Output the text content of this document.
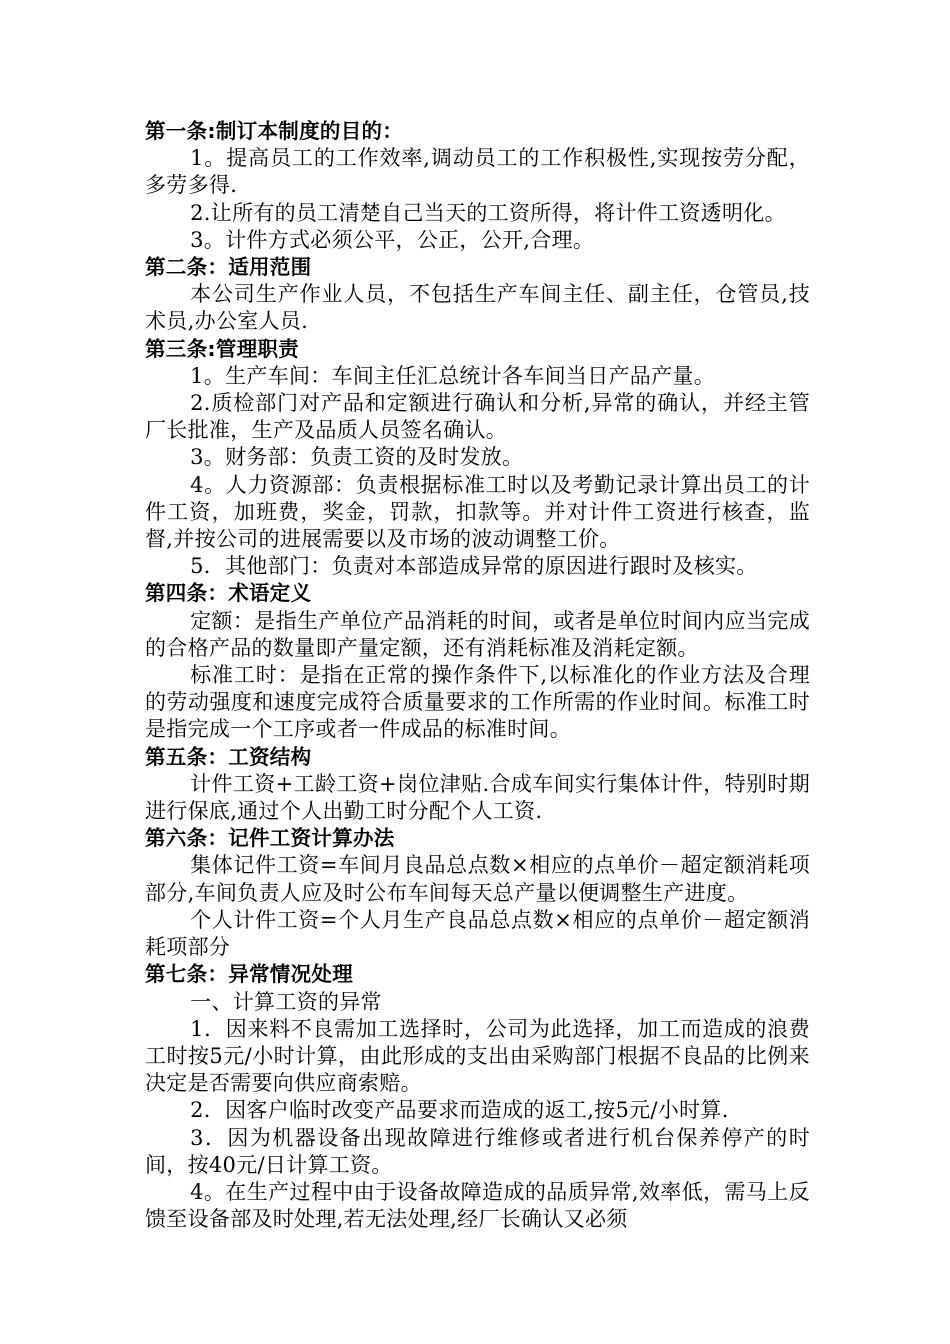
第一条:制订本制度的目的：
1。提高员工的工作效率,调动员工的工作积极性,实现按劳分配，多劳多得.
2.让所有的员工清楚自己当天的工资所得，将计件工资透明化。
3。计件方式必须公平，公正，公开,合理。
第二条：适用范围
本公司生产作业人员，不包括生产车间主任、副主任，仓管员,技术员,办公室人员.
第三条:管理职责
1。生产车间：车间主任汇总统计各车间当日产品产量。
2.质检部门对产品和定额进行确认和分析,异常的确认，并经主管厂长批准，生产及品质人员签名确认。
3。财务部：负责工资的及时发放。
4。人力资源部：负责根据标准工时以及考勤记录计算出员工的计件工资，加班费，奖金，罚款，扣款等。并对计件工资进行核查，监督,并按公司的进展需要以及市场的波动调整工价。
5．其他部门：负责对本部造成异常的原因进行跟时及核实。
第四条：术语定义
定额：是指生产单位产品消耗的时间，或者是单位时间内应当完成的合格产品的数量即产量定额，还有消耗标准及消耗定额。
标准工时：是指在正常的操作条件下,以标准化的作业方法及合理的劳动强度和速度完成符合质量要求的工作所需的作业时间。标准工时是指完成一个工序或者一件成品的标准时间。
第五条：工资结构
计件工资+工龄工资+岗位津贴.合成车间实行集体计件，特别时期进行保底,通过个人出勤工时分配个人工资.
第六条：记件工资计算办法
集体记件工资=车间月良品总点数×相应的点单价－超定额消耗项部分,车间负责人应及时公布车间每天总产量以便调整生产进度。
个人计件工资=个人月生产良品总点数×相应的点单价－超定额消耗项部分
第七条：异常情况处理
一、计算工资的异常
1．因来料不良需加工选择时，公司为此选择，加工而造成的浪费工时按5元/小时计算，由此形成的支出由采购部门根据不良品的比例来决定是否需要向供应商索赔。
2．因客户临时改变产品要求而造成的返工,按5元/小时算.
3．因为机器设备出现故障进行维修或者进行机台保养停产的时间，按40元/日计算工资。
4。在生产过程中由于设备故障造成的品质异常,效率低，需马上反馈至设备部及时处理,若无法处理,经厂长确认又必须
